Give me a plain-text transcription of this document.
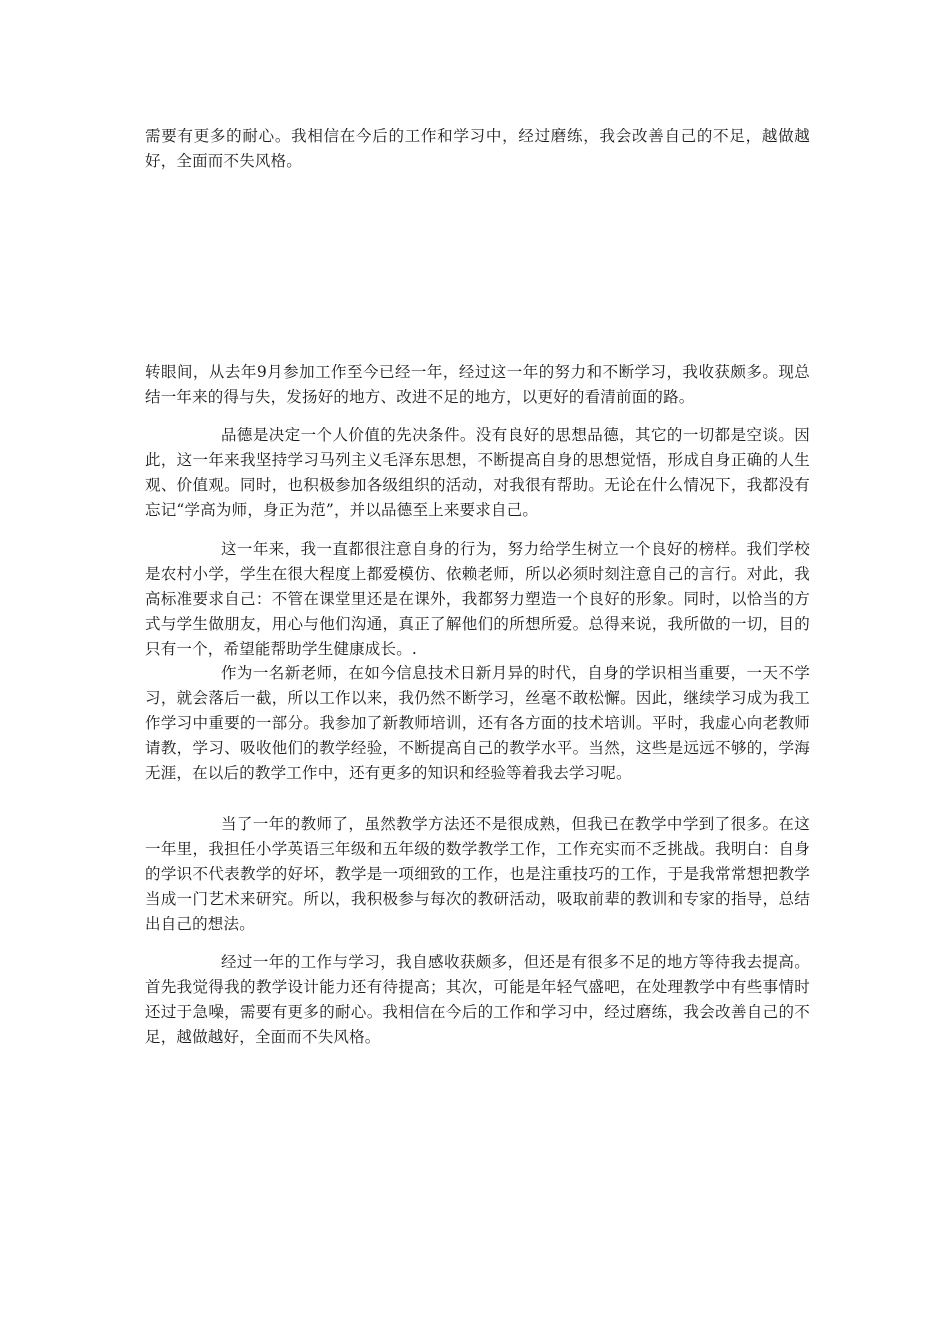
需要有更多的耐心。我相信在今后的工作和学习中，经过磨练，我会改善自己的不足，越做越好，全面而不失风格。

转眼间，从去年9月参加工作至今已经一年，经过这一年的努力和不断学习，我收获颇多。现总结一年来的得与失，发扬好的地方、改进不足的地方，以更好的看清前面的路。

品德是决定一个人价值的先决条件。没有良好的思想品德，其它的一切都是空谈。因此，这一年来我坚持学习马列主义毛泽东思想，不断提高自身的思想觉悟，形成自身正确的人生观、价值观。同时，也积极参加各级组织的活动，对我很有帮助。无论在什么情况下，我都没有忘记“学高为师，身正为范”，并以品德至上来要求自己。

这一年来，我一直都很注意自身的行为，努力给学生树立一个良好的榜样。我们学校是农村小学，学生在很大程度上都爱模仿、依赖老师，所以必须时刻注意自己的言行。对此，我高标准要求自己：不管在课堂里还是在课外，我都努力塑造一个良好的形象。同时，以恰当的方式与学生做朋友，用心与他们沟通，真正了解他们的所想所爱。总得来说，我所做的一切，目的只有一个，希望能帮助学生健康成长。.

作为一名新老师，在如今信息技术日新月异的时代，自身的学识相当重要，一天不学习，就会落后一截，所以工作以来，我仍然不断学习，丝毫不敢松懈。因此，继续学习成为我工作学习中重要的一部分。我参加了新教师培训，还有各方面的技术培训。平时，我虚心向老教师请教，学习、吸收他们的教学经验，不断提高自己的教学水平。当然，这些是远远不够的，学海无涯，在以后的教学工作中，还有更多的知识和经验等着我去学习呢。

当了一年的教师了，虽然教学方法还不是很成熟，但我已在教学中学到了很多。在这一年里，我担任小学英语三年级和五年级的数学教学工作，工作充实而不乏挑战。我明白：自身的学识不代表教学的好坏，教学是一项细致的工作，也是注重技巧的工作，于是我常常想把教学当成一门艺术来研究。所以，我积极参与每次的教研活动，吸取前辈的教训和专家的指导，总结出自己的想法。

经过一年的工作与学习，我自感收获颇多，但还是有很多不足的地方等待我去提高。首先我觉得我的教学设计能力还有待提高；其次，可能是年轻气盛吧，在处理教学中有些事情时还过于急噪，需要有更多的耐心。我相信在今后的工作和学习中，经过磨练，我会改善自己的不足，越做越好，全面而不失风格。
